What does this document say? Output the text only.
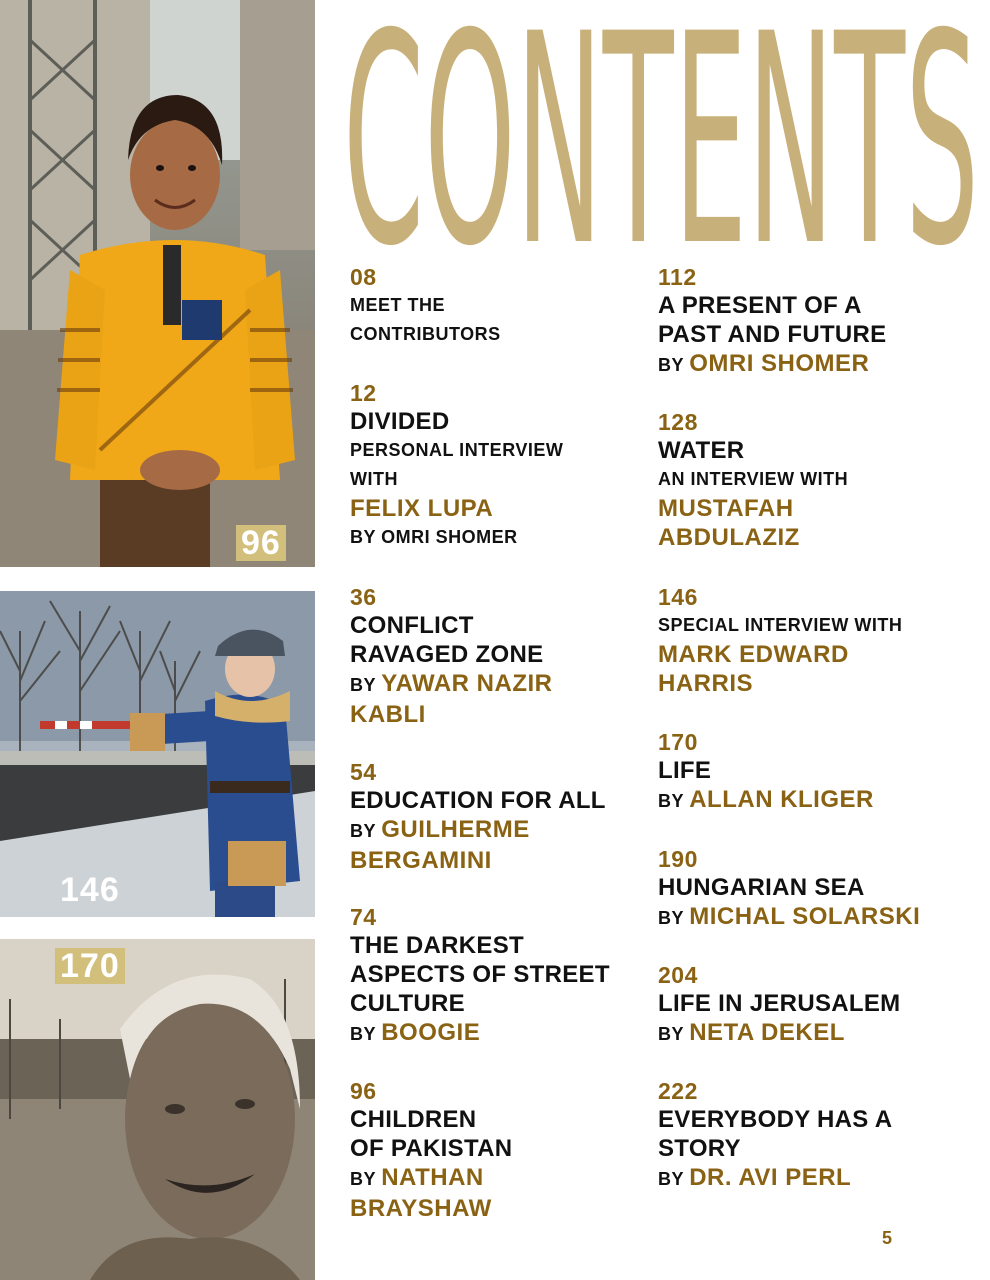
96
146
170
CONTENTS
08
MEET THE
CONTRIBUTORS
12
DIVIDED
PERSONAL INTERVIEW
WITH
FELIX LUPA
BY OMRI SHOMER
36
CONFLICT
RAVAGED ZONE
BY YAWAR NAZIR
KABLI
54
EDUCATION FOR ALL
BY GUILHERME
BERGAMINI
74
THE DARKEST
ASPECTS OF STREET
CULTURE
BY BOOGIE
96
CHILDREN
OF PAKISTAN
BY NATHAN
BRAYSHAW
112
A PRESENT OF A
PAST AND FUTURE
BY OMRI SHOMER
128
WATER
AN INTERVIEW WITH
MUSTAFAH
ABDULAZIZ
146
SPECIAL INTERVIEW WITH
MARK EDWARD
HARRIS
170
LIFE
BY ALLAN KLIGER
190
HUNGARIAN SEA
BY MICHAL SOLARSKI
204
LIFE IN JERUSALEM
BY NETA DEKEL
222
EVERYBODY HAS A
STORY
BY DR. AVI PERL
5
